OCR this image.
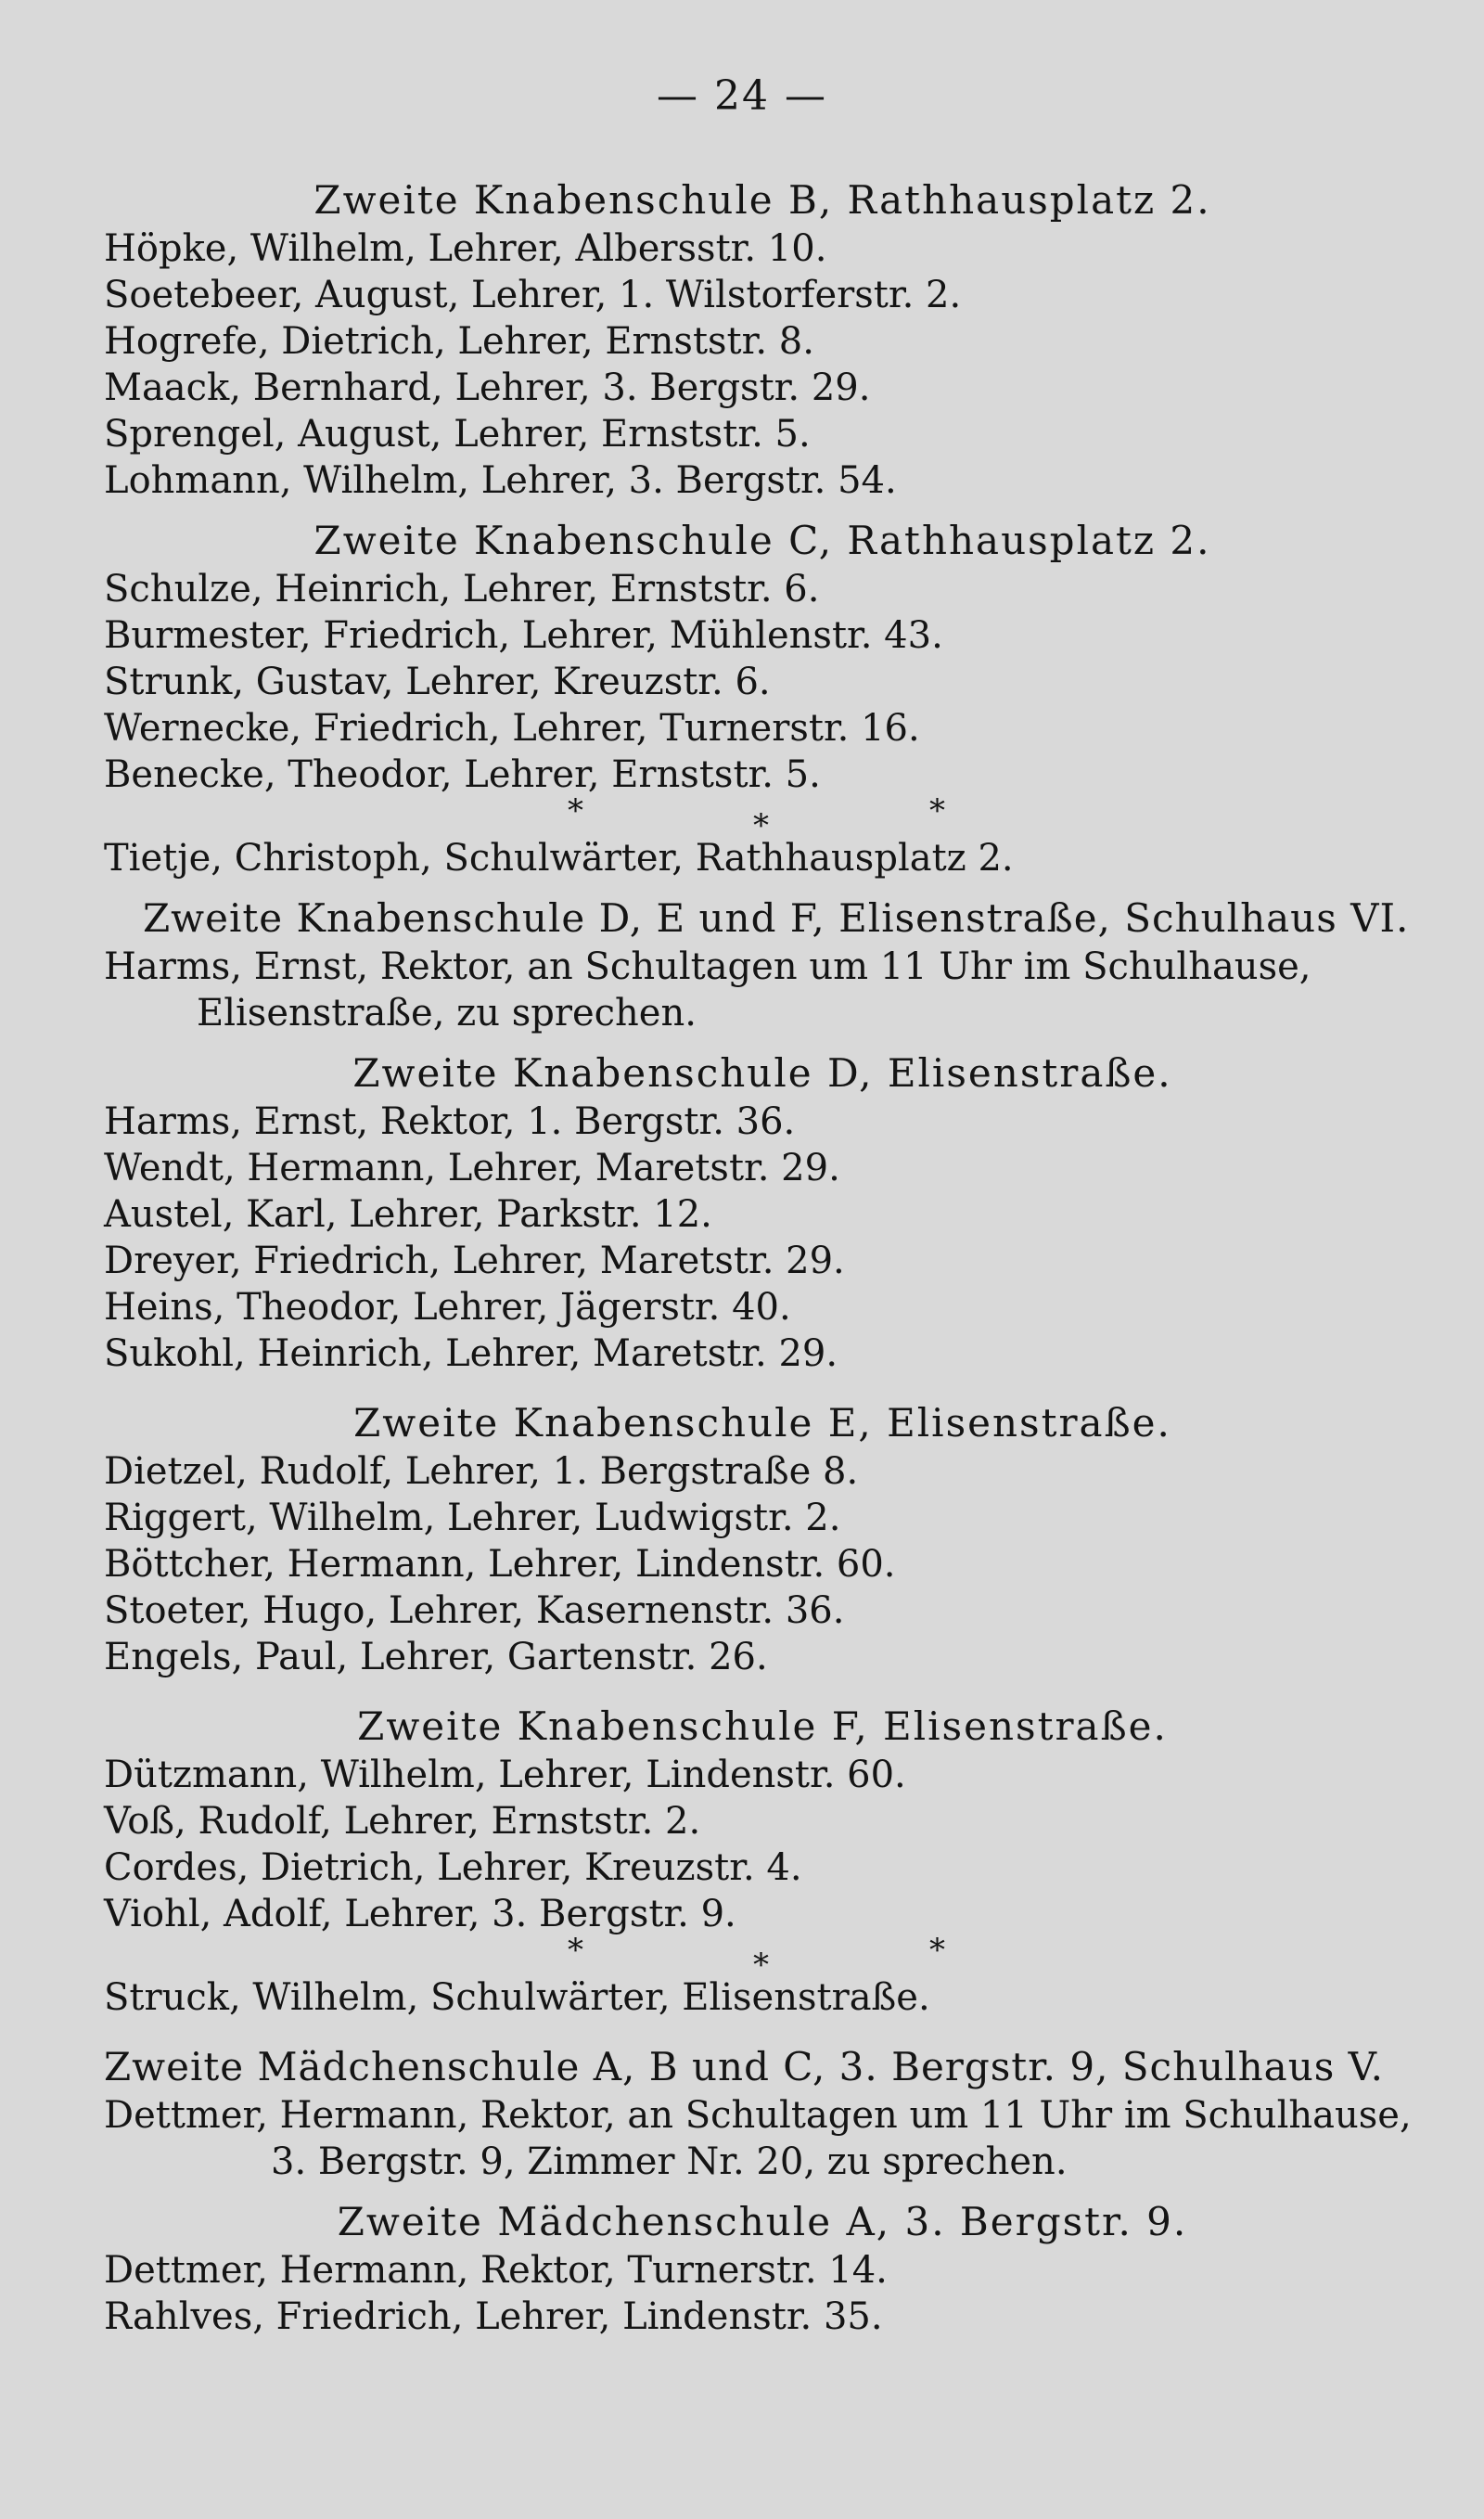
— 24 —
Zweite Knabenschule B, Rathhausplatz 2.
Höpke, Wilhelm, Lehrer, Albersstr. 10.
Soetebeer, August, Lehrer, 1. Wilstorferstr. 2.
Hogrefe, Dietrich, Lehrer, Ernststr. 8.
Maack, Bernhard, Lehrer, 3. Bergstr. 29.
Sprengel, August, Lehrer, Ernststr. 5.
Lohmann, Wilhelm, Lehrer, 3. Bergstr. 54.
Zweite Knabenschule C, Rathhausplatz 2.
Schulze, Heinrich, Lehrer, Ernststr. 6.
Burmester, Friedrich, Lehrer, Mühlenstr. 43.
Strunk, Gustav, Lehrer, Kreuzstr. 6.
Wernecke, Friedrich, Lehrer, Turnerstr. 16.
Benecke, Theodor, Lehrer, Ernststr. 5.
*	*	*
Tietje, Christoph, Schulwärter, Rathhausplatz 2.
Zweite Knabenschule D, E und F, Elisenstraße, Schulhaus VI.
Harms, Ernst, Rektor, an Schultagen um 11 Uhr im Schulhause,
Elisenstraße, zu sprechen.
Zweite Knabenschule D, Elisenstraße.
Harms, Ernst, Rektor, 1. Bergstr. 36.
Wendt, Hermann, Lehrer, Maretstr. 29.
Austel, Karl, Lehrer, Parkstr. 12.
Dreyer, Friedrich, Lehrer, Maretstr. 29.
Heins, Theodor, Lehrer, Jägerstr. 40.
Sukohl, Heinrich, Lehrer, Maretstr. 29.
Zweite Knabenschule E, Elisenstraße.
Dietzel, Rudolf, Lehrer, 1. Bergstraße 8.
Riggert, Wilhelm, Lehrer, Ludwigstr. 2.
Böttcher, Hermann, Lehrer, Lindenstr. 60.
Stoeter, Hugo, Lehrer, Kasernenstr. 36.
Engels, Paul, Lehrer, Gartenstr. 26.
Zweite Knabenschule F, Elisenstraße.
Dützmann, Wilhelm, Lehrer, Lindenstr. 60.
Voß, Rudolf, Lehrer, Ernststr. 2.
Cordes, Dietrich, Lehrer, Kreuzstr. 4.
Viohl, Adolf, Lehrer, 3. Bergstr. 9.
*	*	*
Struck, Wilhelm, Schulwärter, Elisenstraße.
Zweite Mädchenschule A, B und C, 3. Bergstr. 9, Schulhaus V.
Dettmer, Hermann, Rektor, an Schultagen um 11 Uhr im Schulhause,
3. Bergstr. 9, Zimmer Nr. 20, zu sprechen.
Zweite Mädchenschule A, 3. Bergstr. 9.
Dettmer, Hermann, Rektor, Turnerstr. 14.
Rahlves, Friedrich, Lehrer, Lindenstr. 35.
